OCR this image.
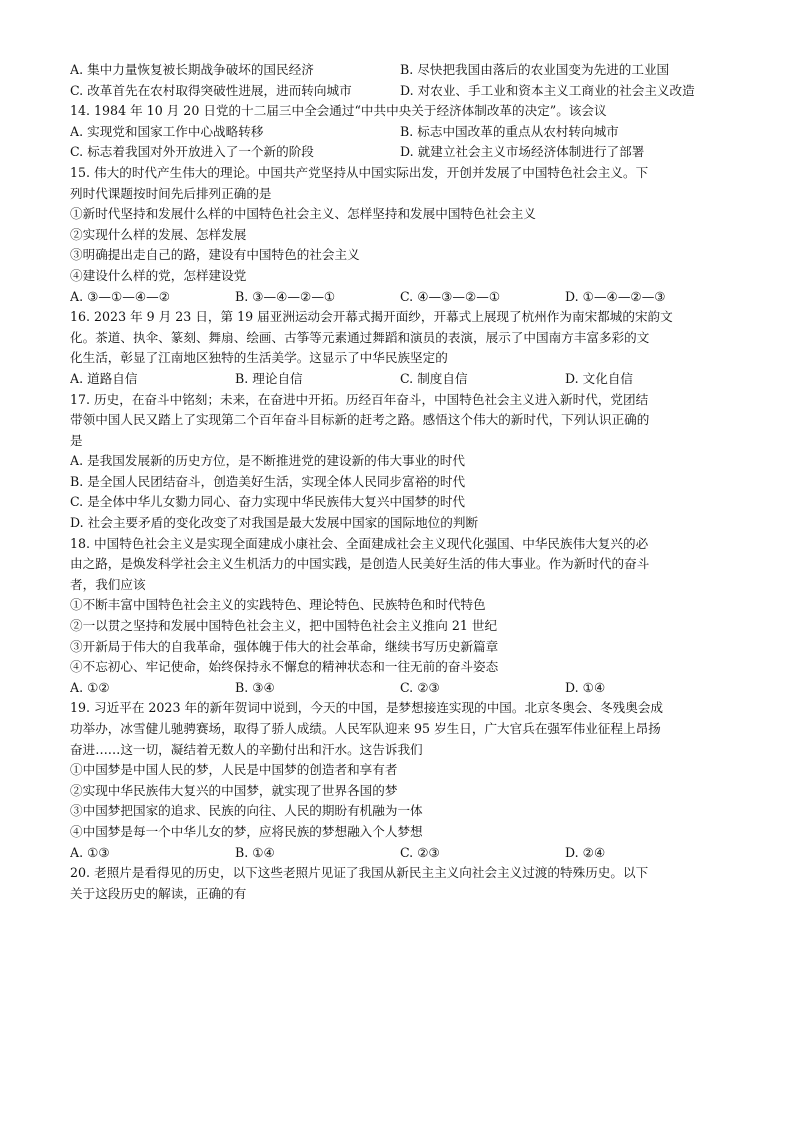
A. 集中力量恢复被长期战争破坏的国民经济	B. 尽快把我国由落后的农业国变为先进的工业国
C. 改革首先在农村取得突破性进展，进而转向城市	D. 对农业、手工业和资本主义工商业的社会主义改造
14. 1984 年 10 月 20 日党的十二届三中全会通过“中共中央关于经济体制改革的决定”。该会议
A. 实现党和国家工作中心战略转移	B. 标志中国改革的重点从农村转向城市
C. 标志着我国对外开放进入了一个新的阶段	D. 就建立社会主义市场经济体制进行了部署
15. 伟大的时代产生伟大的理论。中国共产党坚持从中国实际出发，开创并发展了中国特色社会主义。下
列时代课题按时间先后排列正确的是
①新时代坚持和发展什么样的中国特色社会主义、怎样坚持和发展中国特色社会主义
②实现什么样的发展、怎样发展
③明确提出走自己的路，建设有中国特色的社会主义
④建设什么样的党，怎样建设党
A. ③—①—④—②	B. ③—④—②—①	C. ④—③—②—①	D. ①—④—②—③
16. 2023 年 9 月 23 日，第 19 届亚洲运动会开幕式揭开面纱，开幕式上展现了杭州作为南宋都城的宋韵文
化。茶道、执伞、篆刻、舞扇、绘画、古筝等元素通过舞蹈和演员的表演，展示了中国南方丰富多彩的文
化生活，彰显了江南地区独特的生活美学。这显示了中华民族坚定的
A. 道路自信	B. 理论自信	C. 制度自信	D. 文化自信
17. 历史，在奋斗中铭刻；未来，在奋进中开拓。历经百年奋斗，中国特色社会主义进入新时代，党团结
带领中国人民又踏上了实现第二个百年奋斗目标新的赶考之路。感悟这个伟大的新时代，下列认识正确的
是
A. 是我国发展新的历史方位，是不断推进党的建设新的伟大事业的时代
B. 是全国人民团结奋斗，创造美好生活，实现全体人民同步富裕的时代
C. 是全体中华儿女勠力同心、奋力实现中华民族伟大复兴中国梦的时代
D. 社会主要矛盾的变化改变了对我国是最大发展中国家的国际地位的判断
18. 中国特色社会主义是实现全面建成小康社会、全面建成社会主义现代化强国、中华民族伟大复兴的必
由之路，是焕发科学社会主义生机活力的中国实践，是创造人民美好生活的伟大事业。作为新时代的奋斗
者，我们应该
①不断丰富中国特色社会主义的实践特色、理论特色、民族特色和时代特色
②一以贯之坚持和发展中国特色社会主义，把中国特色社会主义推向 21 世纪
③开新局于伟大的自我革命，强体魄于伟大的社会革命，继续书写历史新篇章
④不忘初心、牢记使命，始终保持永不懈怠的精神状态和一往无前的奋斗姿态
A. ①②	B. ③④	C. ②③	D. ①④
19. 习近平在 2023 年的新年贺词中说到，今天的中国，是梦想接连实现的中国。北京冬奥会、冬残奥会成
功举办，冰雪健儿驰骋赛场，取得了骄人成绩。人民军队迎来 95 岁生日，广大官兵在强军伟业征程上昂扬
奋进……这一切，凝结着无数人的辛勤付出和汗水。这告诉我们
①中国梦是中国人民的梦，人民是中国梦的创造者和享有者
②实现中华民族伟大复兴的中国梦，就实现了世界各国的梦
③中国梦把国家的追求、民族的向往、人民的期盼有机融为一体
④中国梦是每一个中华儿女的梦，应将民族的梦想融入个人梦想
A. ①③	B. ①④	C. ②③	D. ②④
20. 老照片是看得见的历史，以下这些老照片见证了我国从新民主主义向社会主义过渡的特殊历史。以下
关于这段历史的解读，正确的有
